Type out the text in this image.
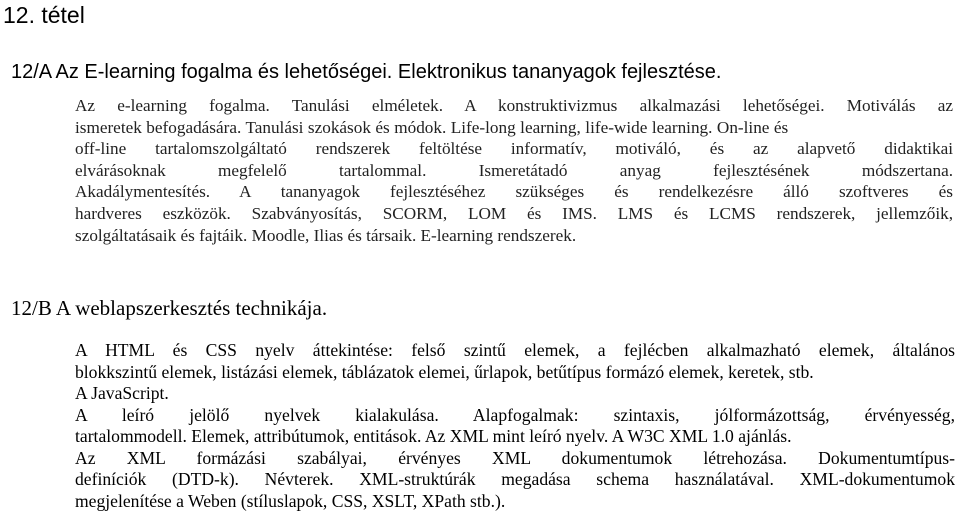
12. tétel
12/A Az E-learning fogalma és lehetőségei. Elektronikus tananyagok fejlesztése.
Az e-learning fogalma. Tanulási elméletek. A konstruktivizmus alkalmazási lehetőségei. Motiválás az
ismeretek befogadására. Tanulási szokások és módok. Life-long learning, life-wide learning. On-line és
off-line tartalomszolgáltató rendszerek feltöltése informatív, motiváló, és az alapvető didaktikai
elvárásoknak megfelelő tartalommal. Ismeretátadó anyag fejlesztésének módszertana.
Akadálymentesítés. A tananyagok fejlesztéséhez szükséges és rendelkezésre álló szoftveres és
hardveres eszközök. Szabványosítás, SCORM, LOM és IMS. LMS és LCMS rendszerek, jellemzőik,
szolgáltatásaik és fajtáik. Moodle, Ilias és társaik. E-learning rendszerek.
12/B A weblapszerkesztés technikája.
A HTML és CSS nyelv áttekintése: felső szintű elemek, a fejlécben alkalmazható elemek, általános
blokkszintű elemek, listázási elemek, táblázatok elemei, űrlapok, betűtípus formázó elemek, keretek, stb.
A JavaScript.
A leíró jelölő nyelvek kialakulása. Alapfogalmak: szintaxis, jólformázottság, érvényesség,
tartalommodell. Elemek, attribútumok, entitások. Az XML mint leíró nyelv. A W3C XML 1.0 ajánlás.
Az XML formázási szabályai, érvényes XML dokumentumok létrehozása. Dokumentumtípus-
definíciók (DTD-k). Névterek. XML-struktúrák megadása schema használatával. XML-dokumentumok
megjelenítése a Weben (stíluslapok, CSS, XSLT, XPath stb.).
